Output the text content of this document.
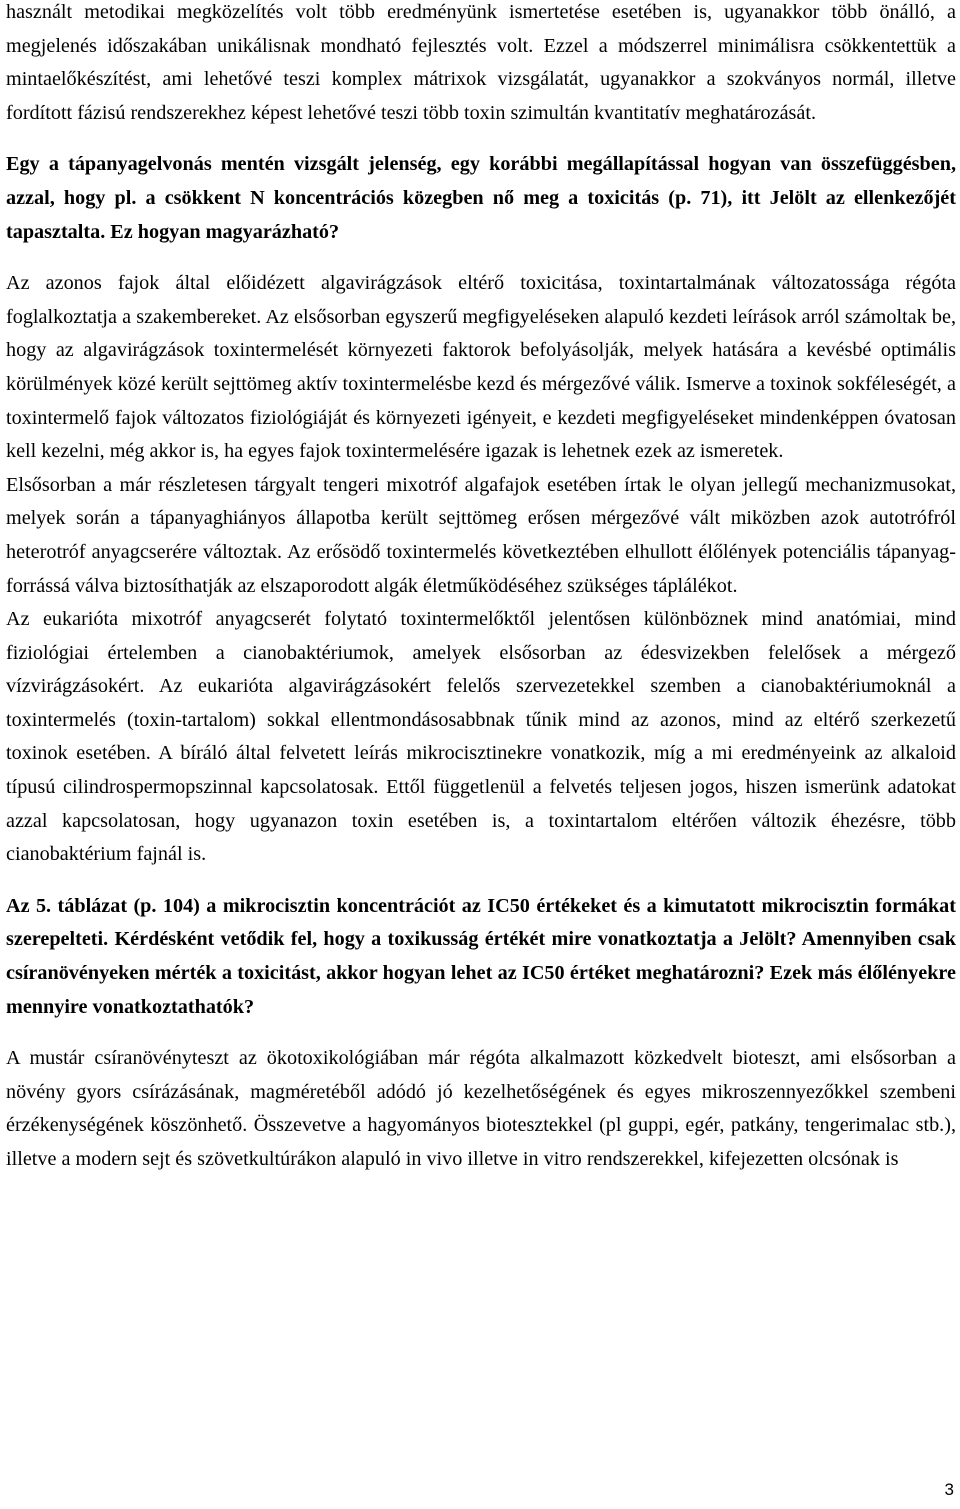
használt metodikai megközelítés volt több eredményünk ismertetése esetében is, ugyanakkor több önálló, a megjelenés időszakában unikálisnak mondható fejlesztés volt. Ezzel a módszerrel minimálisra csökkentettük a mintaelőkészítést, ami lehetővé teszi komplex mátrixok vizsgálatát, ugyanakkor a szokványos normál, illetve fordított fázisú rendszerekhez képest lehetővé teszi több toxin szimultán kvantitatív meghatározását.

Egy a tápanyagelvonás mentén vizsgált jelenség, egy korábbi megállapítással hogyan van összefüggésben, azzal, hogy pl. a csökkent N koncentrációs közegben nő meg a toxicitás (p. 71), itt Jelölt az ellenkezőjét tapasztalta. Ez hogyan magyarázható?

Az azonos fajok által előidézett algavirágzások eltérő toxicitása, toxintartalmának változatossága régóta foglalkoztatja a szakembereket. Az elsősorban egyszerű megfigyeléseken alapuló kezdeti leírások arról számoltak be, hogy az algavirágzások toxintermelését környezeti faktorok befolyásolják, melyek hatására a kevésbé optimális körülmények közé került sejttömeg aktív toxintermelésbe kezd és mérgezővé válik. Ismerve a toxinok sokféleségét, a toxintermelő fajok változatos fiziológiáját és környezeti igényeit, e kezdeti megfigyeléseket mindenképpen óvatosan kell kezelni, még akkor is, ha egyes fajok toxintermelésére igazak is lehetnek ezek az ismeretek.

Elsősorban a már részletesen tárgyalt tengeri mixotróf algafajok esetében írtak le olyan jellegű mechanizmusokat, melyek során a tápanyaghiányos állapotba került sejttömeg erősen mérgezővé vált miközben azok autotrófról heterotróf anyagcserére változtak. Az erősödő toxintermelés következtében elhullott élőlények potenciális tápanyag-forrássá válva biztosíthatják az elszaporodott algák életműködéséhez szükséges táplálékot.

Az eukarióta mixotróf anyagcserét folytató toxintermelőktől jelentősen különböznek mind anatómiai, mind fiziológiai értelemben a cianobaktériumok, amelyek elsősorban az édesvizekben felelősek a mérgező vízvirágzásokért. Az eukarióta algavirágzásokért felelős szervezetekkel szemben a cianobaktériumoknál a toxintermelés (toxin-tartalom) sokkal ellentmondásosabbnak tűnik mind az azonos, mind az eltérő szerkezetű toxinok esetében. A bíráló által felvetett leírás mikrocisztinekre vonatkozik, míg a mi eredményeink az alkaloid típusú cilindrospermopszinnal kapcsolatosak. Ettől függetlenül a felvetés teljesen jogos, hiszen ismerünk adatokat azzal kapcsolatosan, hogy ugyanazon toxin esetében is, a toxintartalom eltérően változik éhezésre, több cianobaktérium fajnál is.

Az 5. táblázat (p. 104) a mikrocisztin koncentrációt az IC50 értékeket és a kimutatott mikrocisztin formákat szerepelteti. Kérdésként vetődik fel, hogy a toxikusság értékét mire vonatkoztatja a Jelölt? Amennyiben csak csíranövényeken mérték a toxicitást, akkor hogyan lehet az IC50 értéket meghatározni? Ezek más élőlényekre mennyire vonatkoztathatók?

A mustár csíranövényteszt az ökotoxikológiában már régóta alkalmazott közkedvelt bioteszt, ami elsősorban a növény gyors csírázásának, magméretéből adódó jó kezelhetőségének és egyes mikroszennyezőkkel szembeni érzékenységének köszönhető. Összevetve a hagyományos biotesztekkel (pl guppi, egér, patkány, tengerimalac stb.), illetve a modern sejt és szövetkultúrákon alapuló in vivo illetve in vitro rendszerekkel, kifejezetten olcsónak is

3
